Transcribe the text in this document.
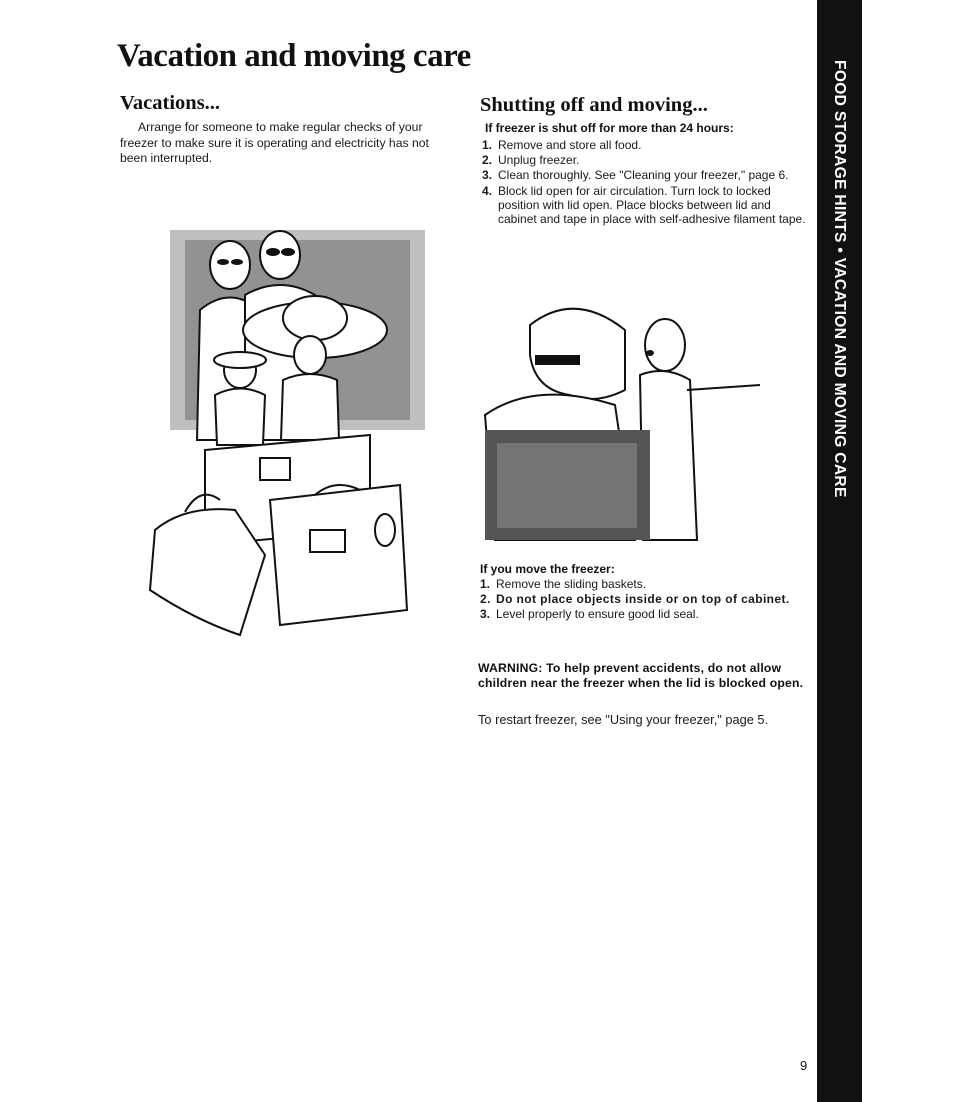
Vacation and moving care
Vacations...

Arrange for someone to make regular checks of your freezer to make sure it is operating and electricity has not been interrupted.

Shutting off and moving...

If freezer is shut off for more than 24 hours:

1. Remove and store all food.
2. Unplug freezer.
3. Clean thoroughly. See "Cleaning your freezer," page 6.
4. Block lid open for air circulation. Turn lock to locked position with lid open. Place blocks between lid and cabinet and tape in place with self-adhesive filament tape.

If you move the freezer:

1. Remove the sliding baskets.
2. Do not place objects inside or on top of cabinet.
3. Level properly to ensure good lid seal.

WARNING: To help prevent accidents, do not allow children near the freezer when the lid is blocked open.

To restart freezer, see "Using your freezer," page 5.

FOOD STORAGE HINTS • VACATION AND MOVING CARE
9
